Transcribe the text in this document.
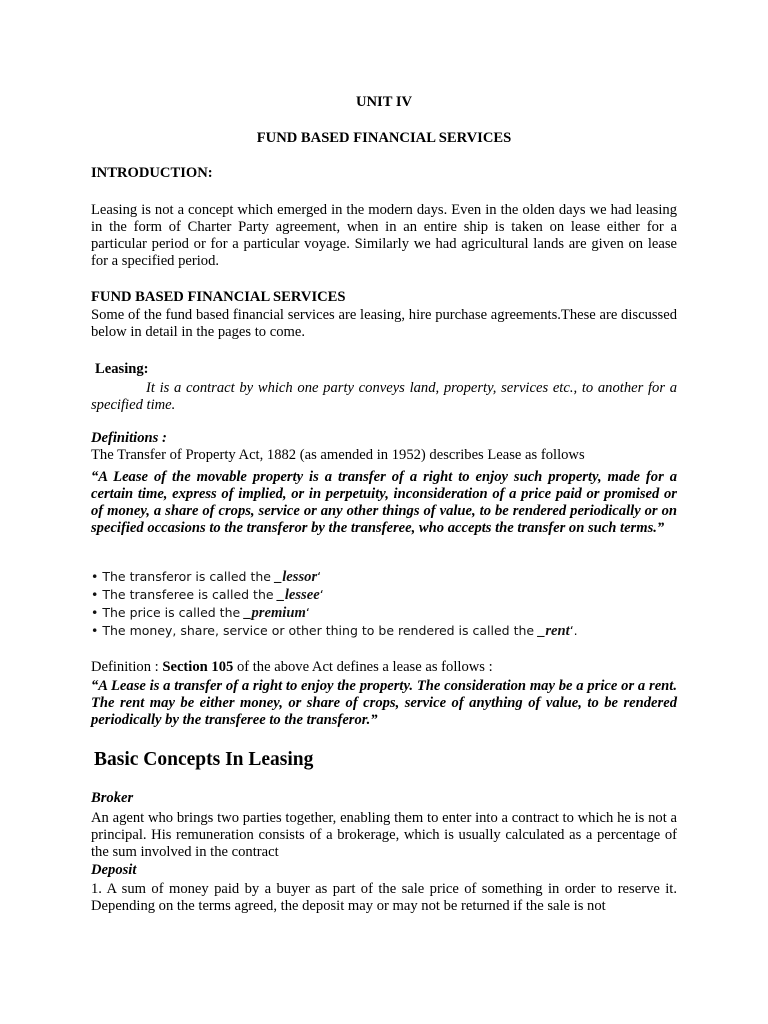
UNIT IV
FUND BASED FINANCIAL SERVICES
INTRODUCTION:

Leasing is not a concept which emerged in the modern days. Even in the olden days we had leasing in the form of Charter Party agreement, when in an entire ship is taken on lease either for a particular period or for a particular voyage. Similarly we had agricultural lands are given on lease for a specified period.

FUND BASED FINANCIAL SERVICES

Some of the fund based financial services are leasing, hire purchase agreements.These are discussed below in detail in the pages to come.

Leasing:

It is a contract by which one party conveys land, property, services etc., to another for a specified time.

Definitions :
The Transfer of Property Act, 1882 (as amended in 1952) describes Lease as follows

“A Lease of the movable property is a transfer of a right to enjoy such property, made for a certain time, express of implied, or in perpetuity, inconsideration of a price paid or promised or of money, a share of crops, service or any other things of value, to be rendered periodically or on specified occasions to the transferor by the transferee, who accepts the transfer on such terms.”

• The transferor is called the _lessor‘
• The transferee is called the _lessee‘
• The price is called the _premium‘
• The money, share, service or other thing to be rendered is called the _rent‘.
Definition : Section 105 of the above Act defines a lease as follows :

“A Lease is a transfer of a right to enjoy the property. The consideration may be a price or a rent. The rent may be either money, or share of crops, service of anything of value, to be rendered periodically by the transferee to the transferor.”

Basic Concepts In Leasing
Broker

An agent who brings two parties together, enabling them to enter into a contract to which he is not a principal. His remuneration consists of a brokerage, which is usually calculated as a percentage of the sum involved in the contract

Deposit

1. A sum of money paid by a buyer as part of the sale price of something in order to reserve it. Depending on the terms agreed, the deposit may or may not be returned if the sale is not
